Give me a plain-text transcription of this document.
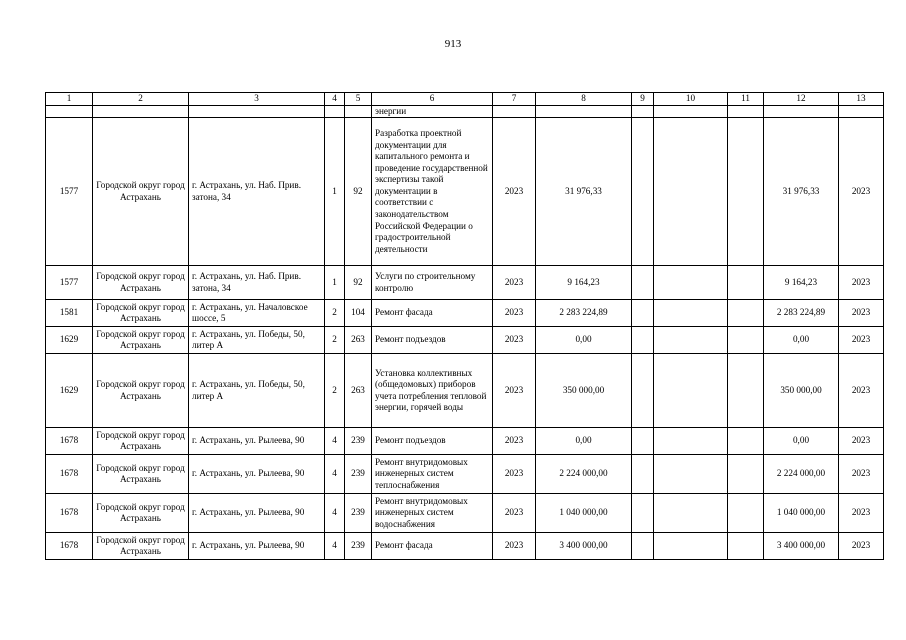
913
1	2	3	4	5	6	7	8	9	10	11	12	13
					энергии							
1577	Городской округ город Астрахань	г. Астрахань, ул. Наб. Прив. затона, 34	1	92	Разработка проектной документации для капитального ремонта и проведение государственной экспертизы такой документации в соответствии с законодательством Российской Федерации о градостроительной деятельности	2023	31 976,33				31 976,33	2023
1577	Городской округ город Астрахань	г. Астрахань, ул. Наб. Прив. затона, 34	1	92	Услуги по строительному контролю	2023	9 164,23				9 164,23	2023
1581	Городской округ город Астрахань	г. Астрахань, ул. Началовское шоссе, 5	2	104	Ремонт фасада	2023	2 283 224,89				2 283 224,89	2023
1629	Городской округ город Астрахань	г. Астрахань, ул. Победы, 50, литер А	2	263	Ремонт подъездов	2023	0,00				0,00	2023
1629	Городской округ город Астрахань	г. Астрахань, ул. Победы, 50, литер А	2	263	Установка коллективных (общедомовых) приборов учета потребления тепловой энергии, горячей воды	2023	350 000,00				350 000,00	2023
1678	Городской округ город Астрахань	г. Астрахань, ул. Рылеева, 90	4	239	Ремонт подъездов	2023	0,00				0,00	2023
1678	Городской округ город Астрахань	г. Астрахань, ул. Рылеева, 90	4	239	Ремонт внутридомовых инженерных систем теплоснабжения	2023	2 224 000,00				2 224 000,00	2023
1678	Городской округ город Астрахань	г. Астрахань, ул. Рылеева, 90	4	239	Ремонт внутридомовых инженерных систем водоснабжения	2023	1 040 000,00				1 040 000,00	2023
1678	Городской округ город Астрахань	г. Астрахань, ул. Рылеева, 90	4	239	Ремонт фасада	2023	3 400 000,00				3 400 000,00	2023
